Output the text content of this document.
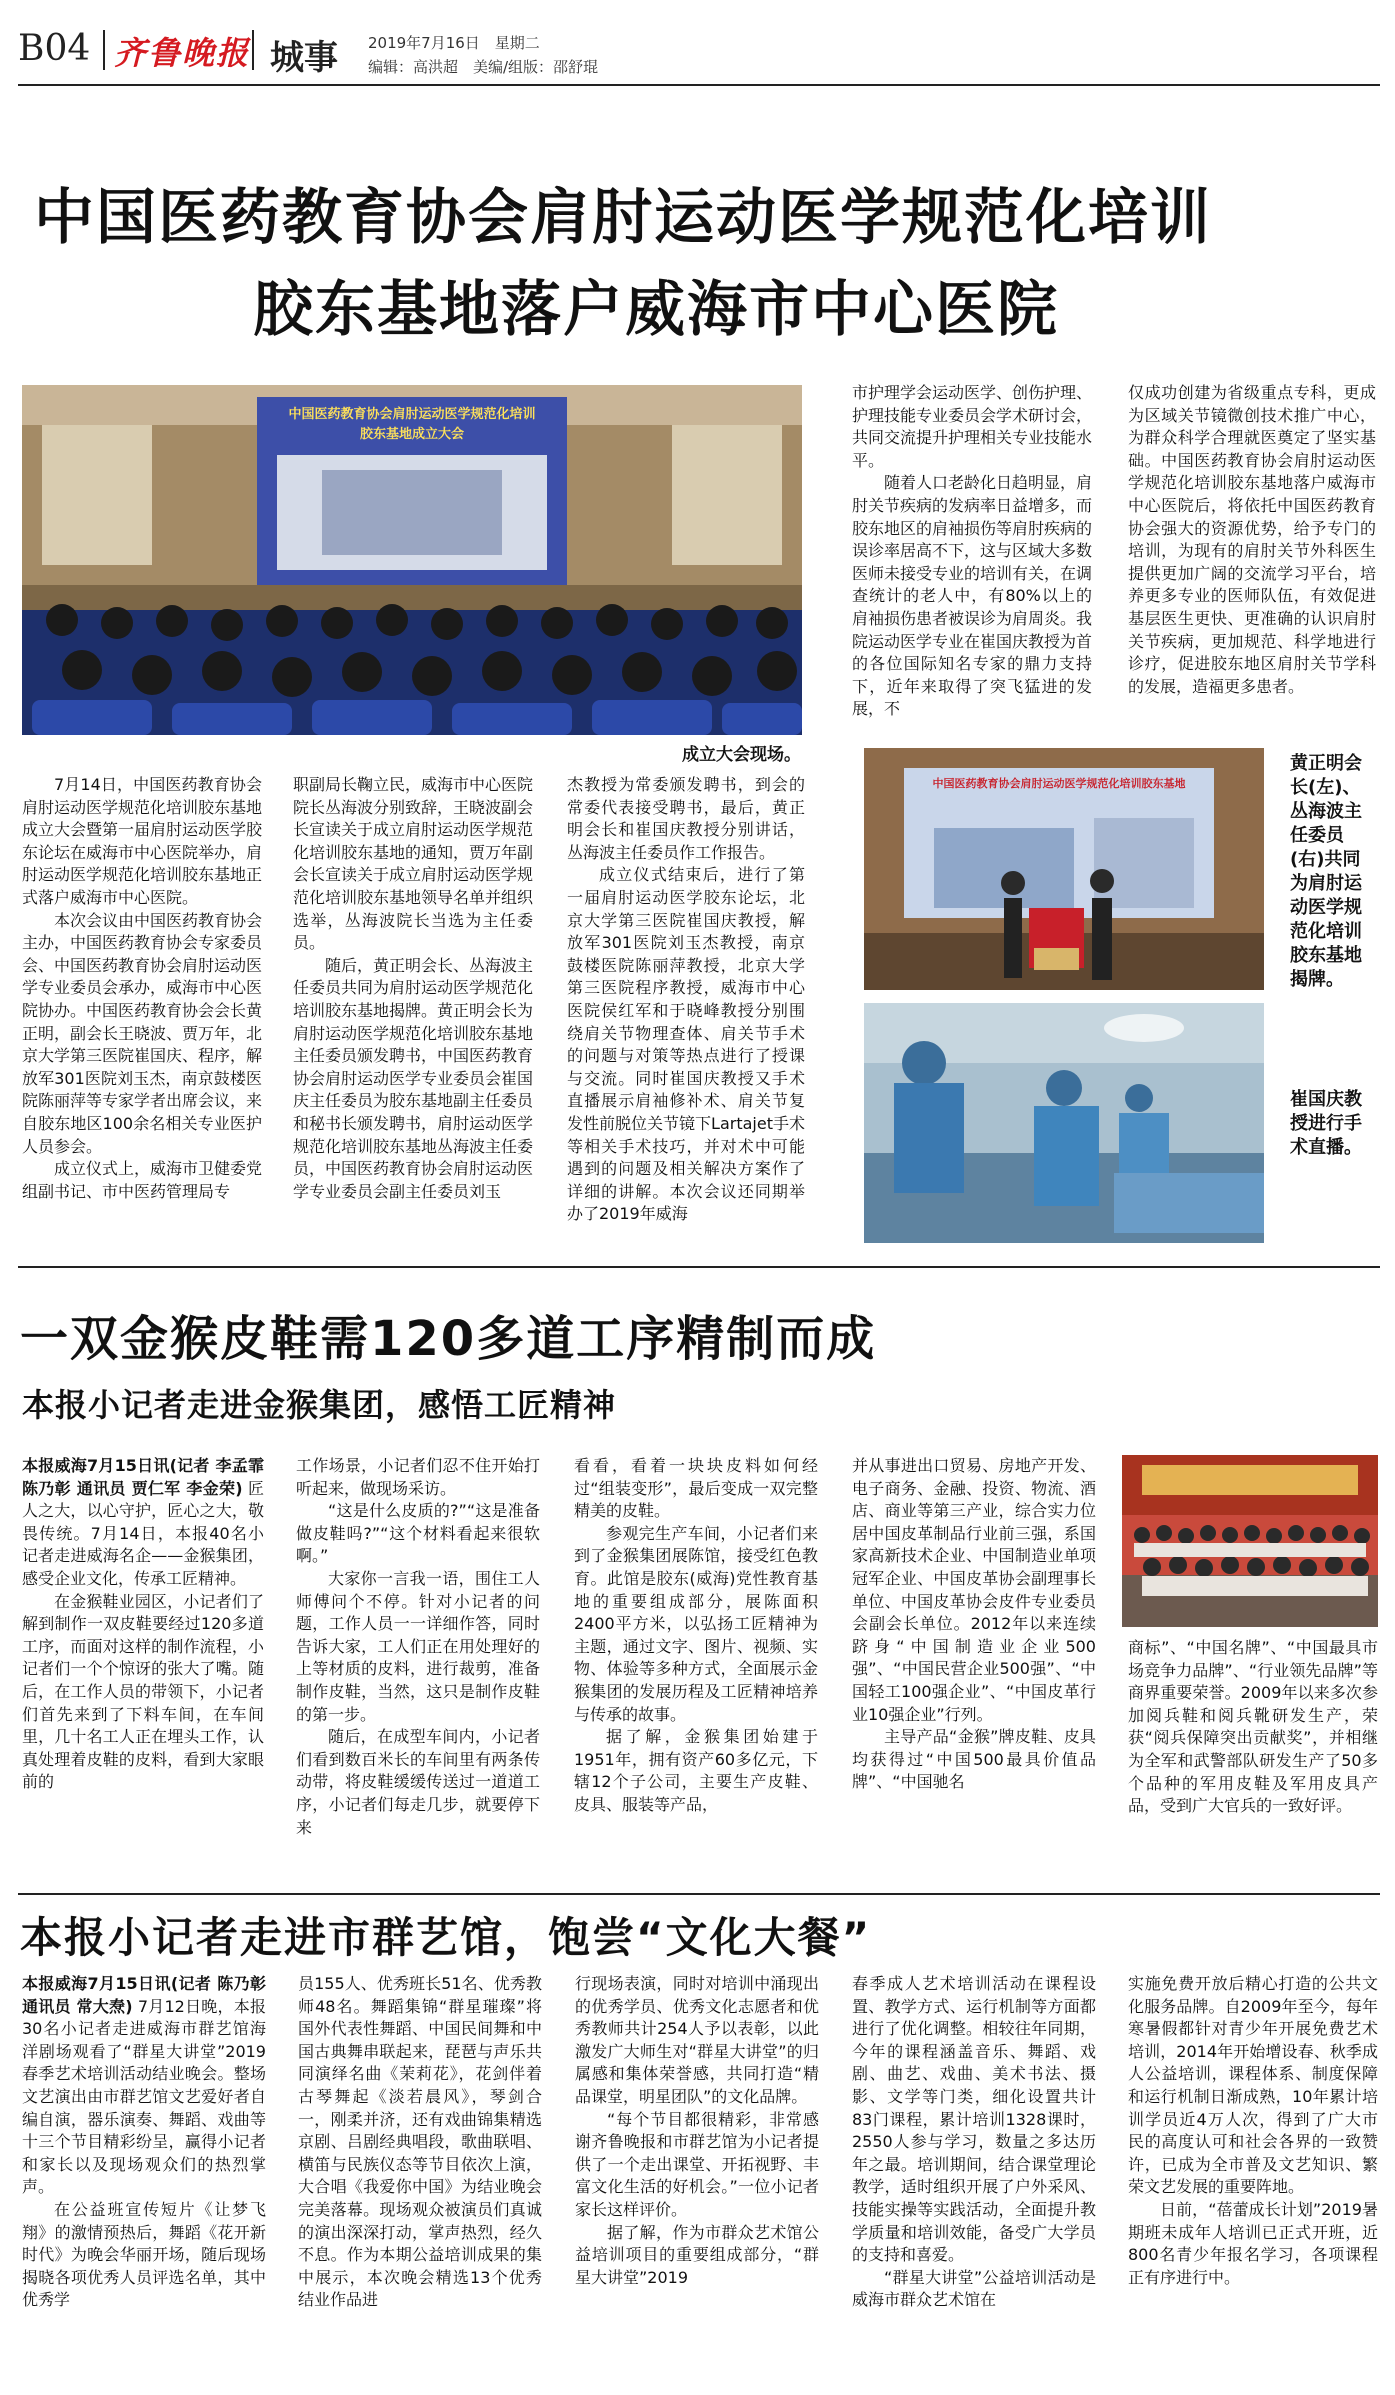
B04 齐鲁晚报 城事 2019年7月16日　星期二
编辑：高洪超　美编/组版：邵舒琨
中国医药教育协会肩肘运动医学规范化培训
胶东基地落户威海市中心医院
中国医药教育协会肩肘运动医学规范化培训
胶东基地成立大会
成立大会现场。

7月14日，中国医药教育协会肩肘运动医学规范化培训胶东基地成立大会暨第一届肩肘运动医学胶东论坛在威海市中心医院举办，肩肘运动医学规范化培训胶东基地正式落户威海市中心医院。

本次会议由中国医药教育协会主办，中国医药教育协会专家委员会、中国医药教育协会肩肘运动医学专业委员会承办，威海市中心医院协办。中国医药教育协会会长黄正明，副会长王晓波、贾万年，北京大学第三医院崔国庆、程序，解放军301医院刘玉杰，南京鼓楼医院陈丽萍等专家学者出席会议，来自胶东地区100余名相关专业医护人员参会。

成立仪式上，威海市卫健委党组副书记、市中医药管理局专

职副局长鞠立民，威海市中心医院院长丛海波分别致辞，王晓波副会长宣读关于成立肩肘运动医学规范化培训胶东基地的通知，贾万年副会长宣读关于成立肩肘运动医学规范化培训胶东基地领导名单并组织选举，丛海波院长当选为主任委员。

随后，黄正明会长、丛海波主任委员共同为肩肘运动医学规范化培训胶东基地揭牌。黄正明会长为肩肘运动医学规范化培训胶东基地主任委员颁发聘书，中国医药教育协会肩肘运动医学专业委员会崔国庆主任委员为胶东基地副主任委员和秘书长颁发聘书，肩肘运动医学规范化培训胶东基地丛海波主任委员，中国医药教育协会肩肘运动医学专业委员会副主任委员刘玉

杰教授为常委颁发聘书，到会的常委代表接受聘书，最后，黄正明会长和崔国庆教授分别讲话，丛海波主任委员作工作报告。

成立仪式结束后，进行了第一届肩肘运动医学胶东论坛，北京大学第三医院崔国庆教授，解放军301医院刘玉杰教授，南京鼓楼医院陈丽萍教授，北京大学第三医院程序教授，威海市中心医院侯红军和于晓峰教授分别围绕肩关节物理查体、肩关节手术的问题与对策等热点进行了授课与交流。同时崔国庆教授又手术直播展示肩袖修补术、肩关节复发性前脱位关节镜下Lartajet手术等相关手术技巧，并对术中可能遇到的问题及相关解决方案作了详细的讲解。本次会议还同期举办了2019年威海

市护理学会运动医学、创伤护理、护理技能专业委员会学术研讨会，共同交流提升护理相关专业技能水平。

随着人口老龄化日趋明显，肩肘关节疾病的发病率日益增多，而胶东地区的肩袖损伤等肩肘疾病的误诊率居高不下，这与区域大多数医师未接受专业的培训有关，在调查统计的老人中，有80%以上的肩袖损伤患者被误诊为肩周炎。我院运动医学专业在崔国庆教授为首的各位国际知名专家的鼎力支持下，近年来取得了突飞猛进的发展，不

仅成功创建为省级重点专科，更成为区域关节镜微创技术推广中心，为群众科学合理就医奠定了坚实基础。中国医药教育协会肩肘运动医学规范化培训胶东基地落户威海市中心医院后，将依托中国医药教育协会强大的资源优势，给予专门的培训，为现有的肩肘关节外科医生提供更加广阔的交流学习平台，培养更多专业的医师队伍，有效促进基层医生更快、更准确的认识肩肘关节疾病，更加规范、科学地进行诊疗，促进胶东地区肩肘关节学科的发展，造福更多患者。

中国医药教育协会肩肘运动医学规范化培训胶东基地
黄正明会长(左)、丛海波主任委员(右)共同为肩肘运动医学规范化培训胶东基地揭牌。
崔国庆教授进行手术直播。
一双金猴皮鞋需120多道工序精制而成
本报小记者走进金猴集团，感悟工匠精神

本报威海7月15日讯(记者 李孟霏 陈乃彰 通讯员 贾仁军 李金荣) 匠人之大，以心守护，匠心之大，敬畏传统。7月14日，本报40名小记者走进威海名企——金猴集团，感受企业文化，传承工匠精神。

在金猴鞋业园区，小记者们了解到制作一双皮鞋要经过120多道工序，而面对这样的制作流程，小记者们一个个惊讶的张大了嘴。随后，在工作人员的带领下，小记者们首先来到了下料车间，在车间里，几十名工人正在埋头工作，认真处理着皮鞋的皮料，看到大家眼前的

工作场景，小记者们忍不住开始打听起来，做现场采访。

“这是什么皮质的?”“这是准备做皮鞋吗?”“这个材料看起来很软啊。”

大家你一言我一语，围住工人师傅问个不停。针对小记者的问题，工作人员一一详细作答，同时告诉大家，工人们正在用处理好的上等材质的皮料，进行裁剪，准备制作皮鞋，当然，这只是制作皮鞋的第一步。

随后，在成型车间内，小记者们看到数百米长的车间里有两条传动带，将皮鞋缓缓传送过一道道工序，小记者们每走几步，就要停下来

看看，看着一块块皮料如何经过“组装变形”，最后变成一双完整精美的皮鞋。

参观完生产车间，小记者们来到了金猴集团展陈馆，接受红色教育。此馆是胶东(威海)党性教育基地的重要组成部分，展陈面积2400平方米，以弘扬工匠精神为主题，通过文字、图片、视频、实物、体验等多种方式，全面展示金猴集团的发展历程及工匠精神培养与传承的故事。

据了解，金猴集团始建于1951年，拥有资产60多亿元，下辖12个子公司，主要生产皮鞋、皮具、服装等产品，

并从事进出口贸易、房地产开发、电子商务、金融、投资、物流、酒店、商业等第三产业，综合实力位居中国皮革制品行业前三强，系国家高新技术企业、中国制造业单项冠军企业、中国皮革协会副理事长单位、中国皮革协会皮件专业委员会副会长单位。2012年以来连续跻身“中国制造业企业500强”、“中国民营企业500强”、“中国轻工100强企业”、“中国皮革行业10强企业”行列。

主导产品“金猴”牌皮鞋、皮具均获得过“中国500最具价值品牌”、“中国驰名

商标”、“中国名牌”、“中国最具市场竞争力品牌”、“行业领先品牌”等商界重要荣誉。2009年以来多次参加阅兵鞋和阅兵靴研发生产，荣获“阅兵保障突出贡献奖”，并相继为全军和武警部队研发生产了50多个品种的军用皮鞋及军用皮具产品，受到广大官兵的一致好评。

本报小记者走进市群艺馆，饱尝“文化大餐”

本报威海7月15日讯(记者 陈乃彰 通讯员 常大焘) 7月12日晚，本报30名小记者走进威海市群艺馆海洋剧场观看了“群星大讲堂”2019春季艺术培训活动结业晚会。整场文艺演出由市群艺馆文艺爱好者自编自演，器乐演奏、舞蹈、戏曲等十三个节目精彩纷呈，赢得小记者和家长以及现场观众们的热烈掌声。

在公益班宣传短片《让梦飞翔》的激情预热后，舞蹈《花开新时代》为晚会华丽开场，随后现场揭晓各项优秀人员评选名单，其中优秀学

员155人、优秀班长51名、优秀教师48名。舞蹈集锦“群星璀璨”将国外代表性舞蹈、中国民间舞和中国古典舞串联起来，琵琶与声乐共同演绎名曲《茉莉花》，花剑伴着古琴舞起《淡若晨风》，琴剑合一，刚柔并济，还有戏曲锦集精选京剧、吕剧经典唱段，歌曲联唱、横笛与民族仪态等节目依次上演，大合唱《我爱你中国》为结业晚会完美落幕。现场观众被演员们真诚的演出深深打动，掌声热烈，经久不息。作为本期公益培训成果的集中展示，本次晚会精选13个优秀结业作品进

行现场表演，同时对培训中涌现出的优秀学员、优秀文化志愿者和优秀教师共计254人予以表彰，以此激发广大师生对“群星大讲堂”的归属感和集体荣誉感，共同打造“精品课堂，明星团队”的文化品牌。

“每个节目都很精彩，非常感谢齐鲁晚报和市群艺馆为小记者提供了一个走出课堂、开拓视野、丰富文化生活的好机会。”一位小记者家长这样评价。

据了解，作为市群众艺术馆公益培训项目的重要组成部分，“群星大讲堂”2019

春季成人艺术培训活动在课程设置、教学方式、运行机制等方面都进行了优化调整。相较往年同期，今年的课程涵盖音乐、舞蹈、戏剧、曲艺、戏曲、美术书法、摄影、文学等门类，细化设置共计83门课程，累计培训1328课时，2550人参与学习，数量之多达历年之最。培训期间，结合课堂理论教学，适时组织开展了户外采风、技能实操等实践活动，全面提升教学质量和培训效能，备受广大学员的支持和喜爱。

“群星大讲堂”公益培训活动是威海市群众艺术馆在

实施免费开放后精心打造的公共文化服务品牌。自2009年至今，每年寒暑假都针对青少年开展免费艺术培训，2014年开始增设春、秋季成人公益培训，课程体系、制度保障和运行机制日渐成熟，10年累计培训学员近4万人次，得到了广大市民的高度认可和社会各界的一致赞许，已成为全市普及文艺知识、繁荣文艺发展的重要阵地。

日前，“蓓蕾成长计划”2019暑期班未成年人培训已正式开班，近800名青少年报名学习，各项课程正有序进行中。
